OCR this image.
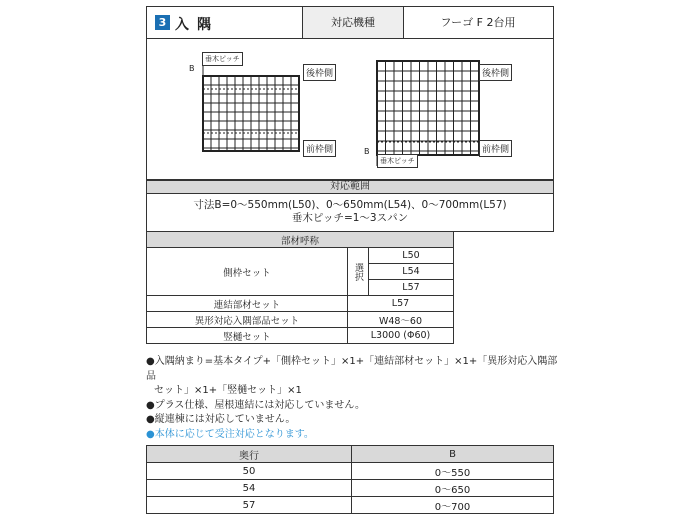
3 入隅	対応機種	フーゴ F 2台用
垂木ピッチ
B
後枠側
前枠側
垂木ピッチ
B
後枠側
前枠側
対応範囲
寸法B=0～550mm(L50)、0～650mm(L54)、0～700mm(L57)
垂木ピッチ=1～3スパン
部材呼称		
側枠セット	選択	L50
		L54
		L57
連結部材セット	L57	
異形対応入隅部品セット	W48～60	
竪樋セット	L3000 (Φ60)	
●入隅納まり=基本タイプ+「側枠セット」×1+「連結部材セット」×1+「異形対応入隅部品
セット」×1+「竪樋セット」×1
●プラス仕様、屋根連結には対応していません。
●縦連棟には対応していません。
●本体に応じて受注対応となります。
奥行	B
50	0～550
54	0～650
57	0～700
